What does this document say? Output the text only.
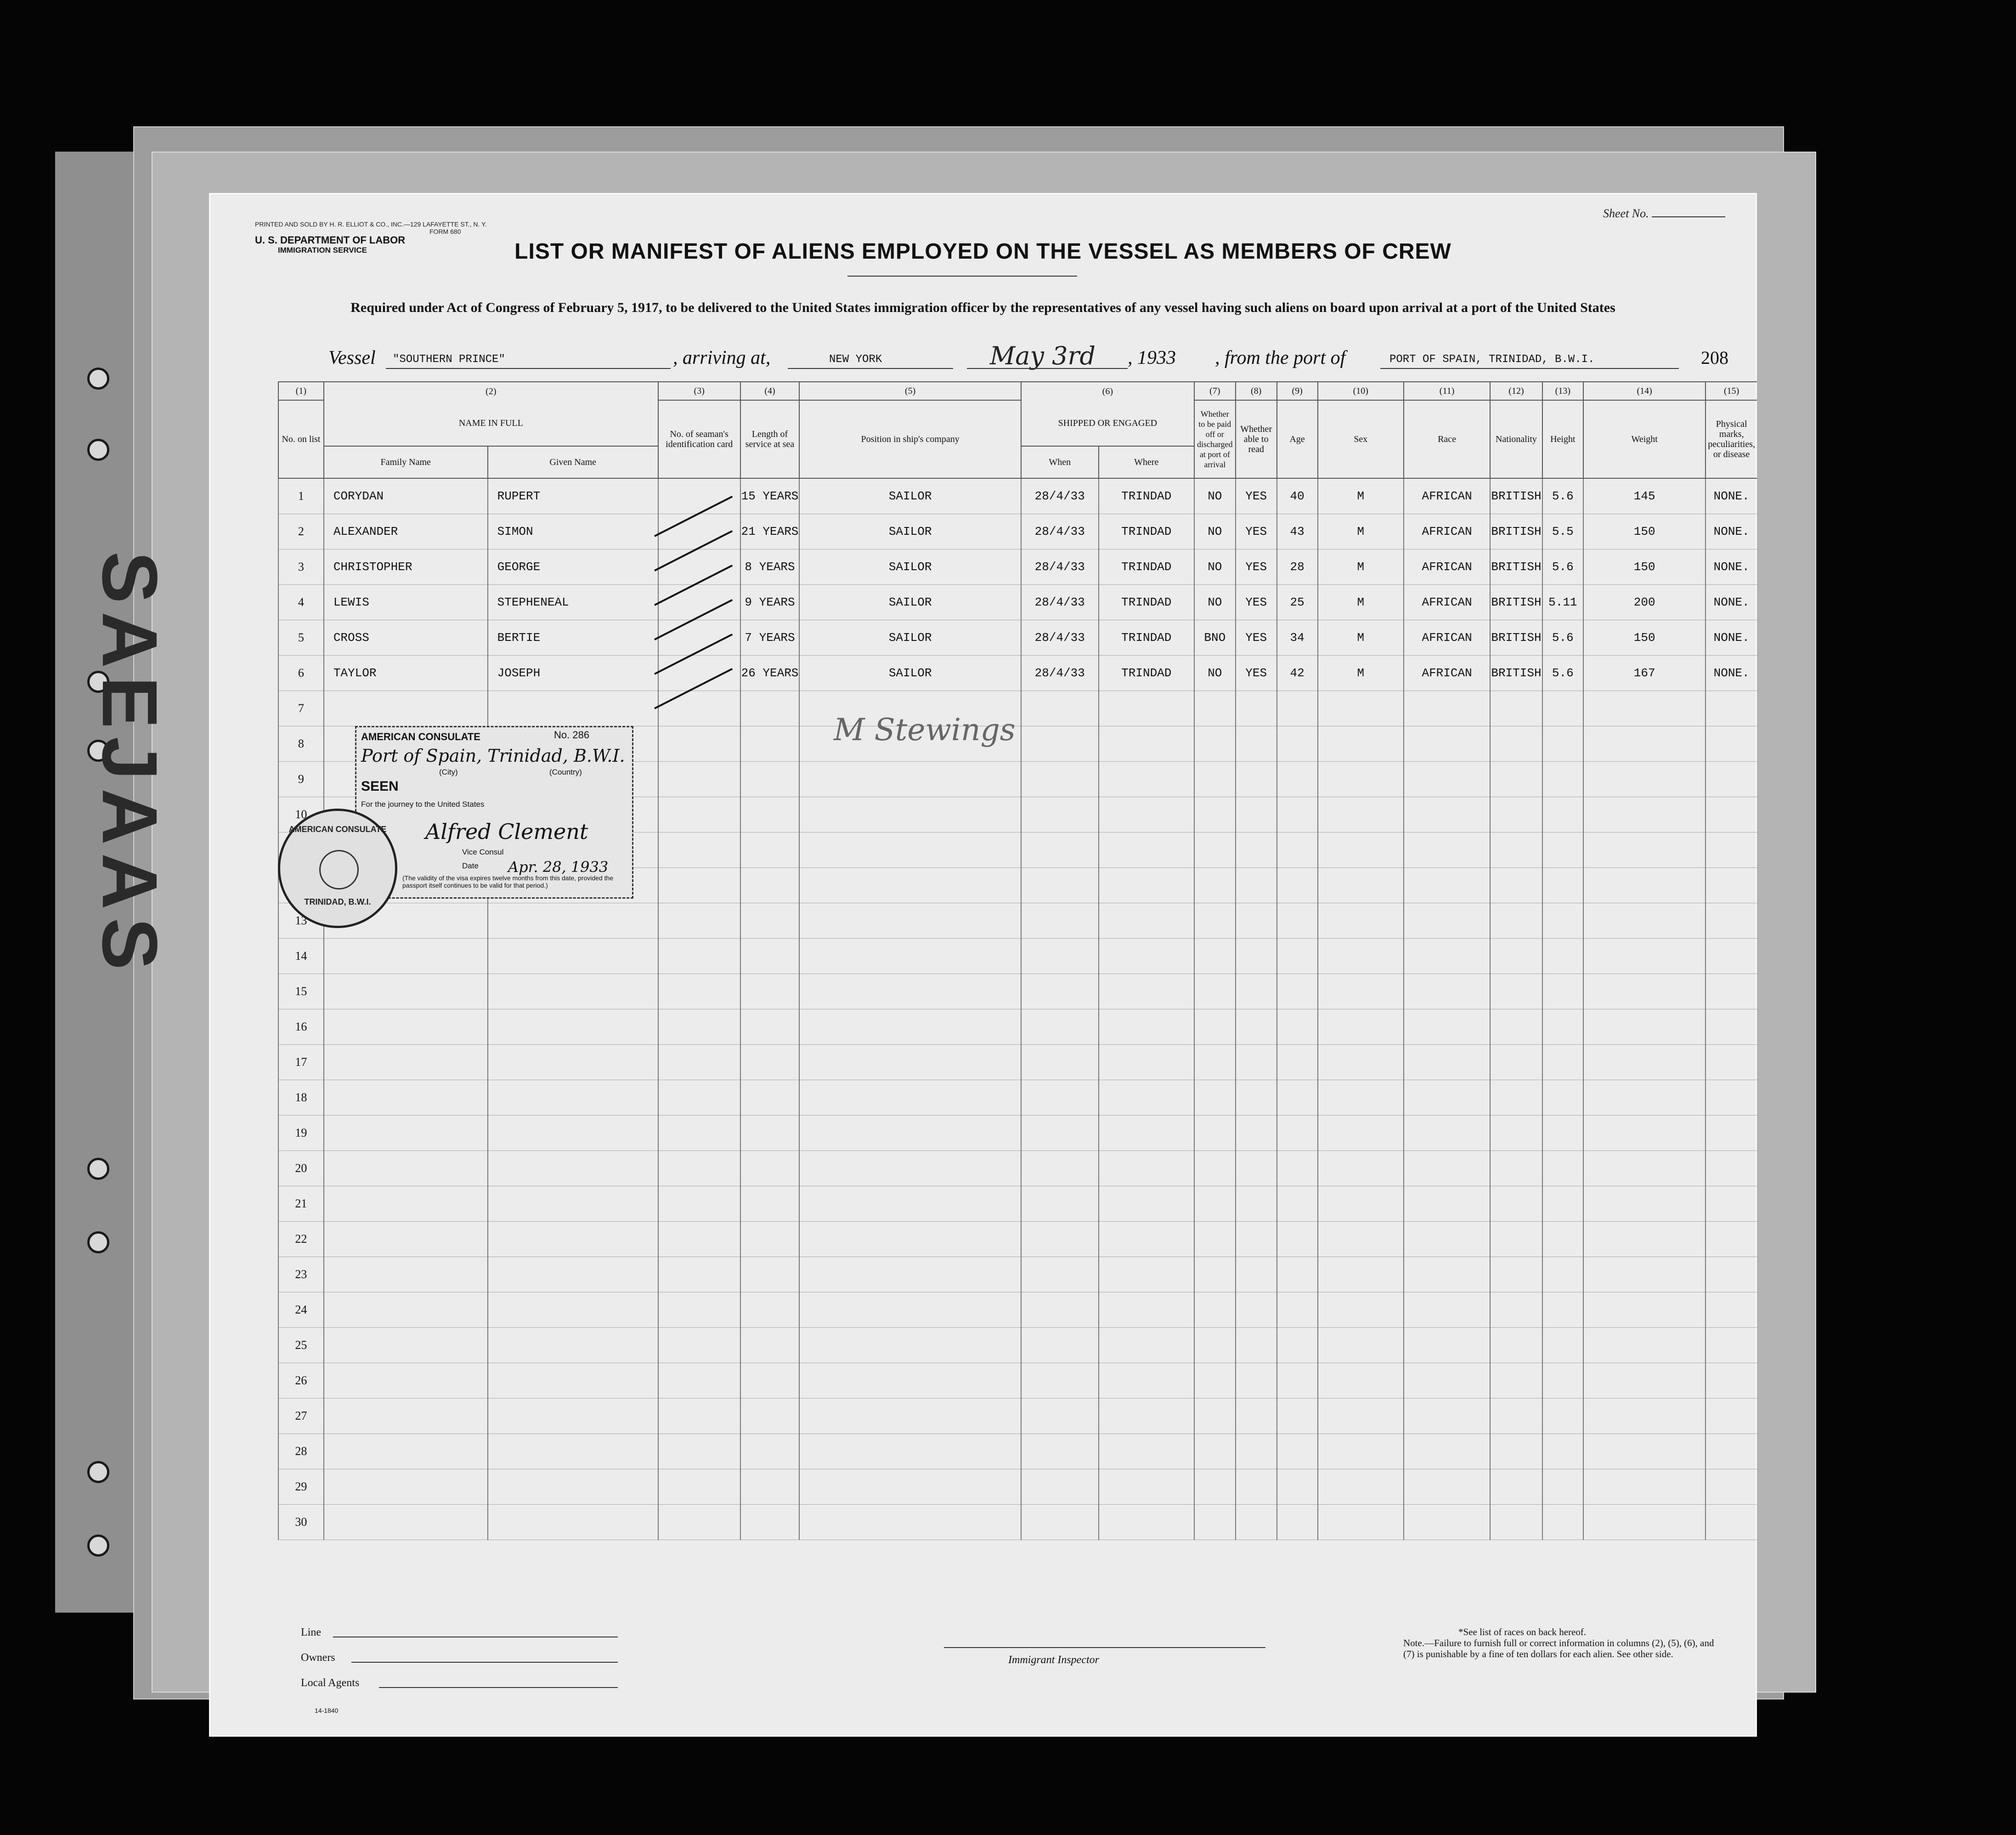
SAEJAAS
PRINTED AND SOLD BY H. R. ELLIOT & CO., INC.—129 LAFAYETTE ST., N. Y.
FORM 680
U. S. DEPARTMENT OF LABOR
IMMIGRATION SERVICE
Sheet No.
LIST OR MANIFEST OF ALIENS EMPLOYED ON THE VESSEL AS MEMBERS OF CREW
Required under Act of Congress of February 5, 1917, to be delivered to the United States immigration officer by the representatives of any vessel having such aliens on board upon arrival at a port of the United States
Vessel "SOUTHERN PRINCE"	, arriving at,	NEW YORK	May 3rd , 1933 , from the port of	PORT OF SPAIN, TRINIDAD, B.W.I.	208
(1)	(2)		(3)	(4)	(5)	(6)		(7)	(8)	(9)	(10)	(11)	(12)	(13)	(14)	(15)
No. on list	NAME IN FULL		No. of seaman's identification card	Length of service at sea	Position in ship's company	SHIPPED OR ENGAGED		Whether to be paid off or discharged at port of arrival	Whether able to read	Age	Sex	Race	Nationality	Height	Weight	Physical marks, peculiarities, or disease
	Family Name	Given Name				When	Where									
1	CORYDAN	RUPERT		15 YEARS	SAILOR	28/4/33	TRINDAD	NO	YES	40	M	AFRICAN	BRITISH	5.6	145	NONE.
2	ALEXANDER	SIMON		21 YEARS	SAILOR	28/4/33	TRINDAD	NO	YES	43	M	AFRICAN	BRITISH	5.5	150	NONE.
3	CHRISTOPHER	GEORGE		8 YEARS	SAILOR	28/4/33	TRINDAD	NO	YES	28	M	AFRICAN	BRITISH	5.6	150	NONE.
4	LEWIS	STEPHENEAL		9 YEARS	SAILOR	28/4/33	TRINDAD	NO	YES	25	M	AFRICAN	BRITISH	5.11	200	NONE.
5	CROSS	BERTIE		7 YEARS	SAILOR	28/4/33	TRINDAD	BNO	YES	34	M	AFRICAN	BRITISH	5.6	150	NONE.
6	TAYLOR	JOSEPH		26 YEARS	SAILOR	28/4/33	TRINDAD	NO	YES	42	M	AFRICAN	BRITISH	5.6	167	NONE.
7																
8																
9																
10																

13																
14																
15																
16																
17																
18																
19																
20																
21																
22																
23																
24																
25																
26																
27																
28																
29																
30																
M Stewings
AMERICAN CONSULATE	No. 286
Port of Spain, Trinidad, B.W.I.
(City)	(Country)
SEEN
For the journey to the United States
Alfred Clement
Vice Consul
Date Apr. 28, 1933
(The validity of the visa expires twelve months from this date, provided the passport itself continues to be valid for that period.)
AMERICAN CONSULATE
TRINIDAD, B.W.I.
Line
Owners
Local Agents
Immigrant Inspector
*See list of races on back hereof.
Note.—Failure to furnish full or correct information in columns (2), (5), (6), and (7) is punishable by a fine of ten dollars for each alien. See other side.
14-1840
